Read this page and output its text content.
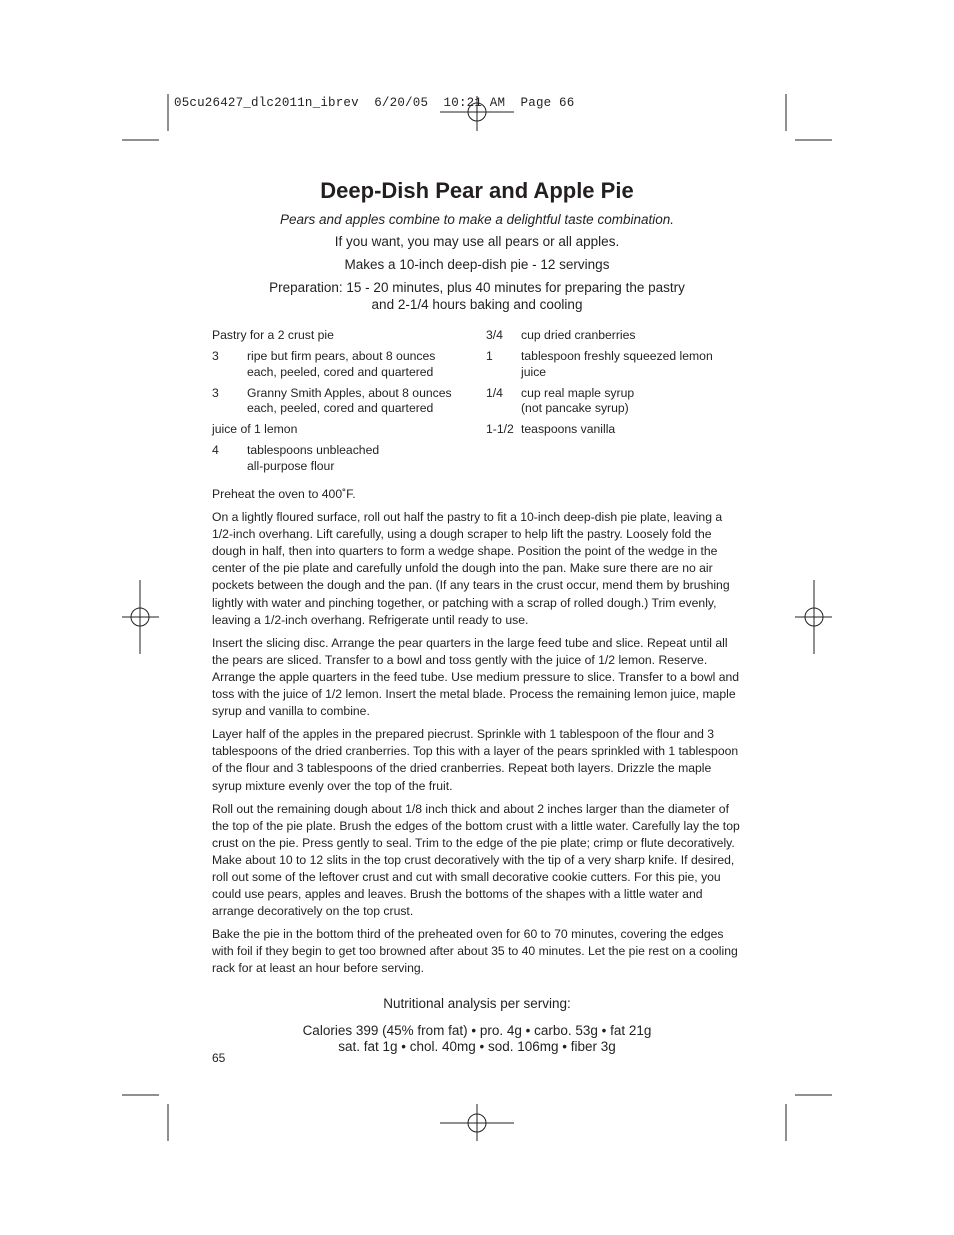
05cu26427_dlc2011n_ibrev  6/20/05  10:21 AM  Page 66
Deep-Dish Pear and Apple Pie

Pears and apples combine to make a delightful taste combination.

If you want, you may use all pears or all apples.

Makes a 10-inch deep-dish pie - 12 servings

Preparation: 15 - 20 minutes, plus 40 minutes for preparing the pastry
and 2-1/4 hours baking and cooling
Pastry for a 2 crust pie
3	ripe but firm pears, about 8 ounces
each, peeled, cored and quartered
3	Granny Smith Apples, about 8 ounces
each, peeled, cored and quartered
juice of 1 lemon
4	tablespoons unbleached
all-purpose flour
3/4	cup dried cranberries
1	tablespoon freshly squeezed lemon
juice
1/4	cup real maple syrup
(not pancake syrup)
1-1/2 teaspoons vanilla

Preheat the oven to 400˚F.

On a lightly floured surface, roll out half the pastry to fit a 10-inch deep-dish pie plate, leaving a 1/2-inch overhang. Lift carefully, using a dough scraper to help lift the pastry. Loosely fold the dough in half, then into quarters to form a wedge shape. Position the point of the wedge in the center of the pie plate and carefully unfold the dough into the pan. Make sure there are no air pockets between the dough and the pan. (If any tears in the crust occur, mend them by brushing lightly with water and pinching together, or patching with a scrap of rolled dough.) Trim evenly, leaving a 1/2-inch overhang. Refrigerate until ready to use.

Insert the slicing disc. Arrange the pear quarters in the large feed tube and slice. Repeat until all the pears are sliced. Transfer to a bowl and toss gently with the juice of 1/2 lemon. Reserve. Arrange the apple quarters in the feed tube. Use medium pressure to slice. Transfer to a bowl and toss with the juice of 1/2 lemon. Insert the metal blade. Process the remaining lemon juice, maple syrup and vanilla to combine.

Layer half of the apples in the prepared piecrust. Sprinkle with 1 tablespoon of the flour and 3 tablespoons of the dried cranberries. Top this with a layer of the pears sprinkled with 1 tablespoon of the flour and 3 tablespoons of the dried cranberries. Repeat both layers. Drizzle the maple syrup mixture evenly over the top of the fruit.

Roll out the remaining dough about 1/8 inch thick and about 2 inches larger than the diameter of the top of the pie plate. Brush the edges of the bottom crust with a little water. Carefully lay the top crust on the pie. Press gently to seal. Trim to the edge of the pie plate; crimp or flute decoratively. Make about 10 to 12 slits in the top crust decoratively with the tip of a very sharp knife. If desired, roll out some of the leftover crust and cut with small decorative cookie cutters. For this pie, you could use pears, apples and leaves. Brush the bottoms of the shapes with a little water and arrange decoratively on the top crust.

Bake the pie in the bottom third of the preheated oven for 60 to 70 minutes, covering the edges with foil if they begin to get too browned after about 35 to 40 minutes. Let the pie rest on a cooling rack for at least an hour before serving.

Nutritional analysis per serving:

Calories 399 (45% from fat) • pro. 4g • carbo. 53g • fat 21g
sat. fat 1g • chol. 40mg • sod. 106mg • fiber 3g
65
